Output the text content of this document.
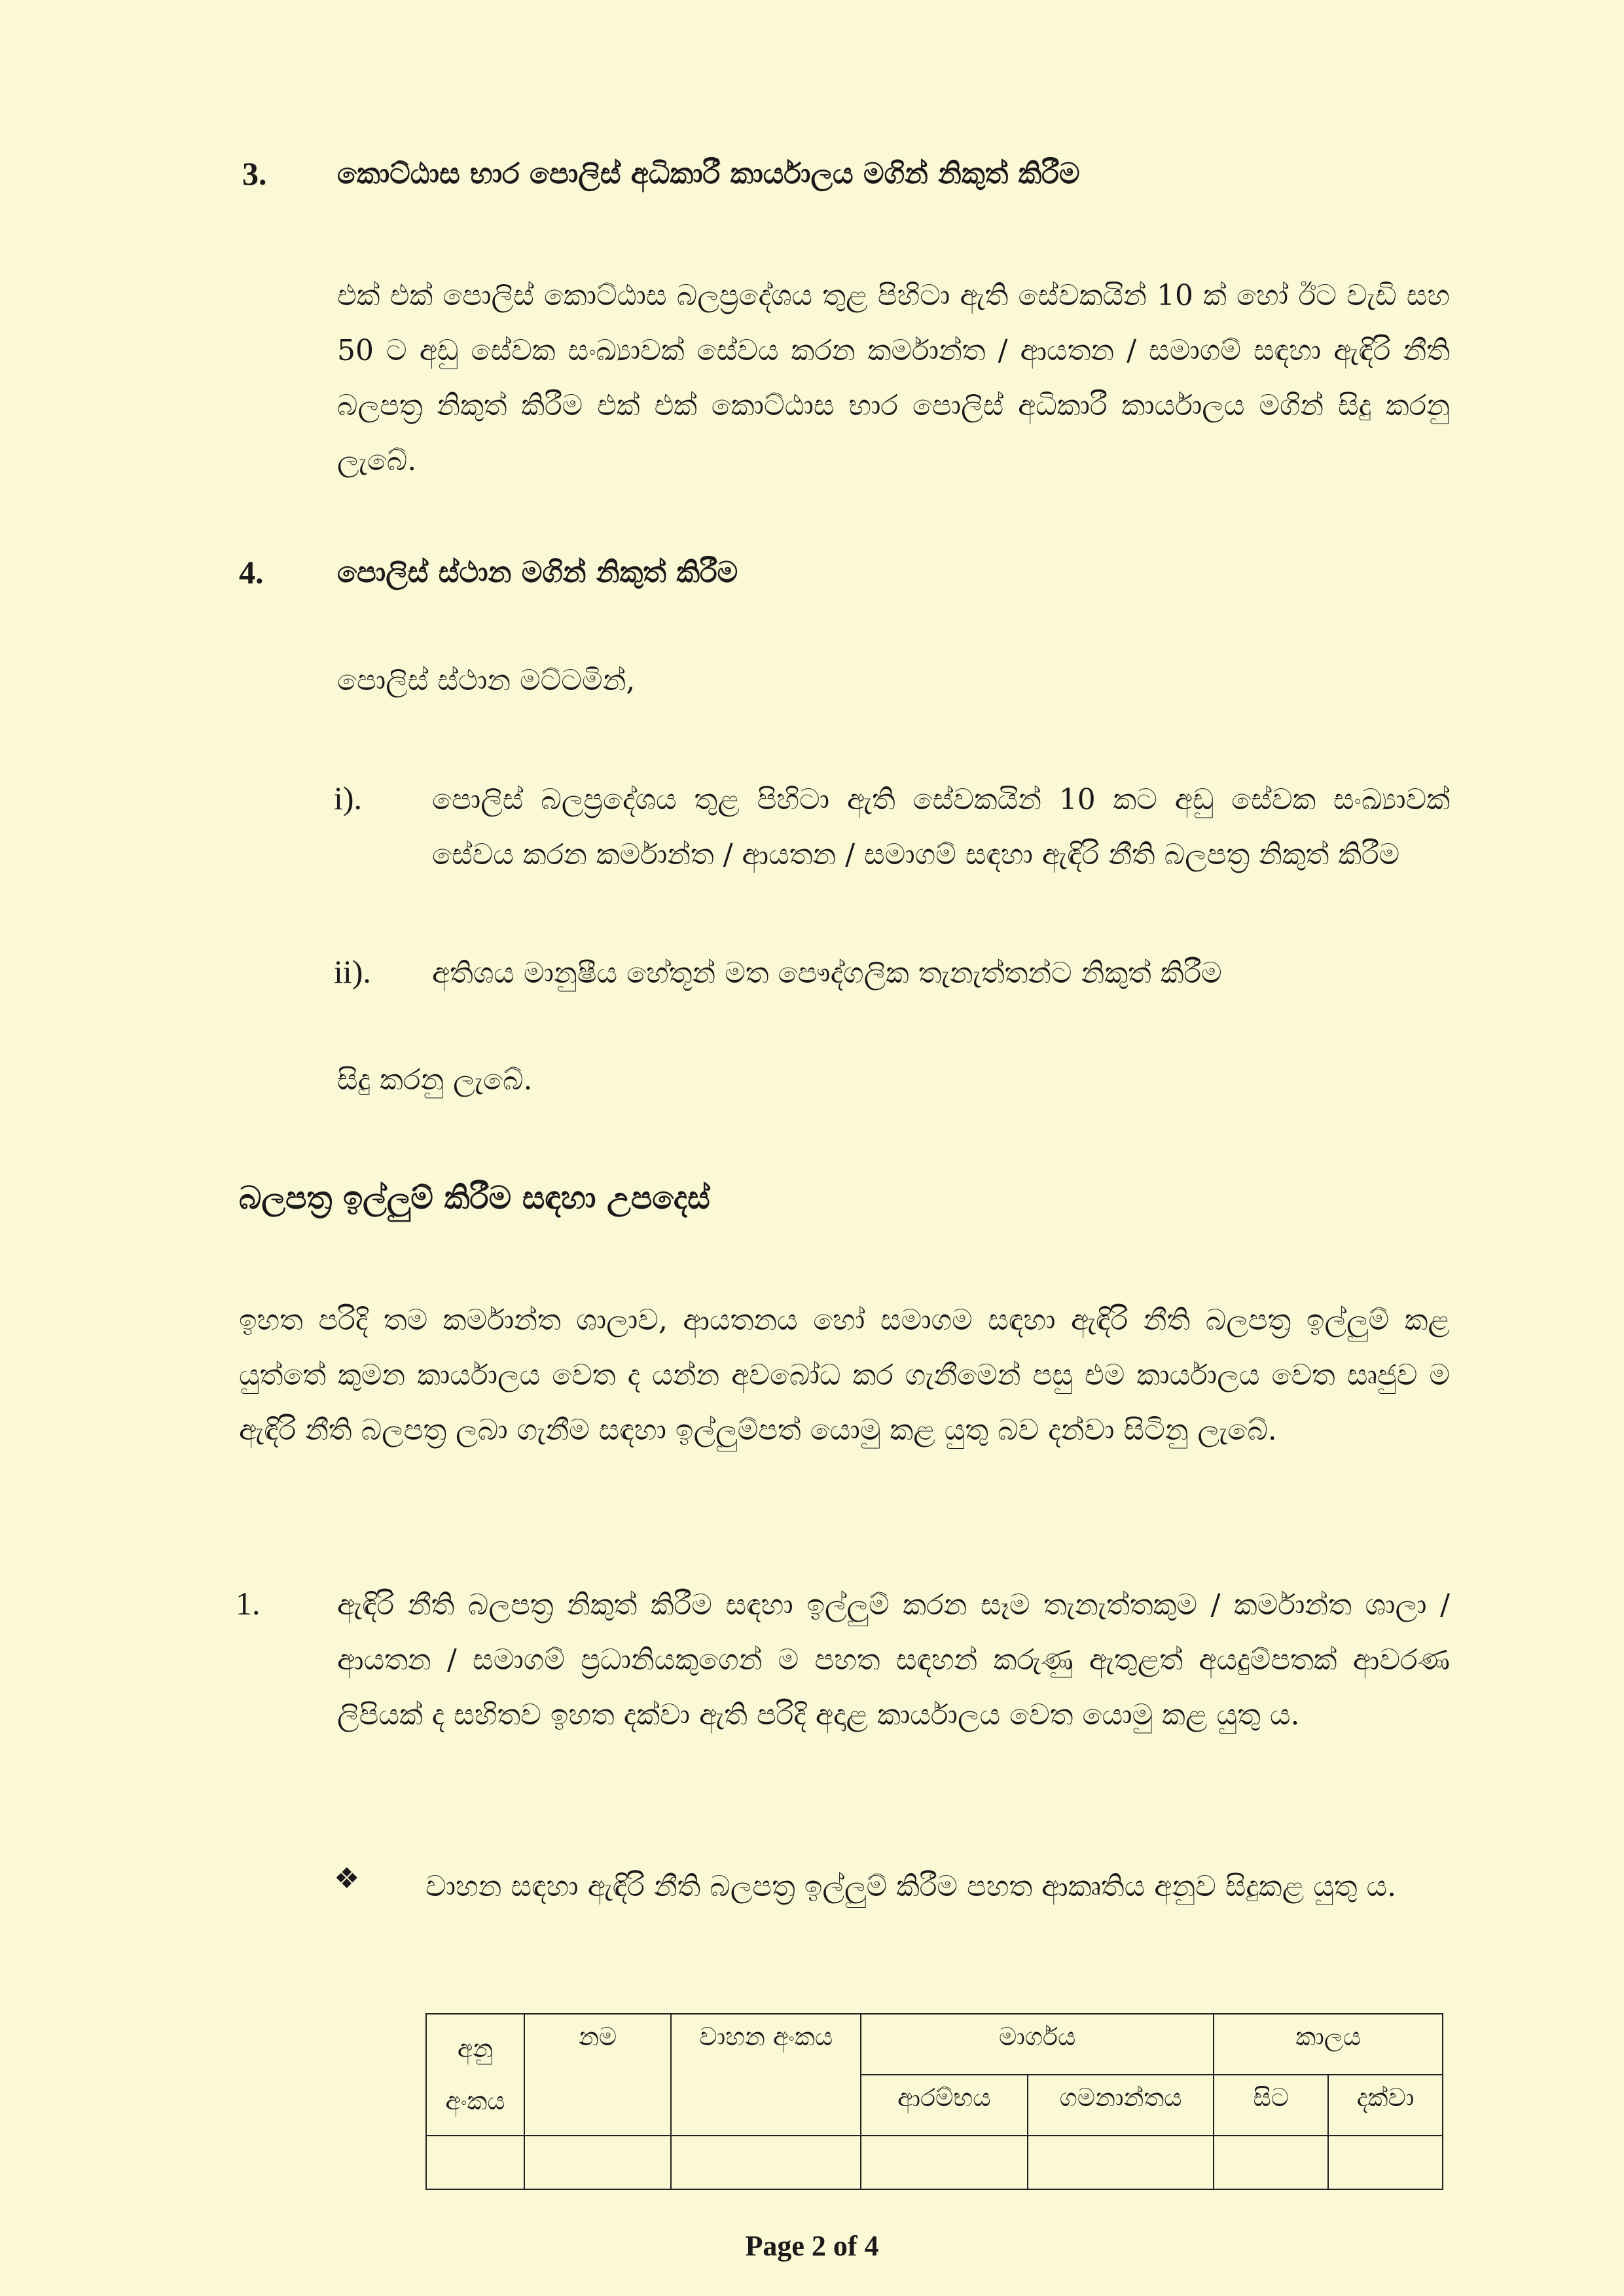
3. කොට්ඨාස භාර පොලිස් අධිකාරී කාර්යාලය මගින් නිකුත් කිරීම
එක් එක් පොලිස් කොට්ඨාස බලප්‍රදේශය තුළ පිහිටා ඇති සේවකයින් 10 ක් හෝ ඊට වැඩි සහ 50 ට අඩු සේවක සංඛ්‍යාවක් සේවය කරන කර්මාන්ත / ආයතන / සමාගම් සඳහා ඇඳිරි නීති බලපත්‍ර නිකුත් කිරීම එක් එක් කොට්ඨාස භාර පොලිස් අධිකාරී කාර්යාලය මගින් සිදු කරනු ලැබේ.
4.	පොලිස් ස්ථාන මගින් නිකුත් කිරීම
පොලිස් ස්ථාන මට්ටමින්,
i). පොලිස් බලප්‍රදේශය තුළ පිහිටා ඇති සේවකයින් 10 කට අඩු සේවක සංඛ්‍යාවක් සේවය කරන කර්මාන්ත / ආයතන / සමාගම් සඳහා ඇඳිරි නීති බලපත්‍ර නිකුත් කිරීම
ii). අතිශය මානුෂීය හේතූන් මත පෞද්ගලික තැනැත්තන්ට නිකුත් කිරීම
සිදු කරනු ලැබේ.
බලපත්‍ර ඉල්ලුම් කිරීම සඳහා උපදෙස්
ඉහත පරිදි තම කර්මාන්ත ශාලාව, ආයතනය හෝ සමාගම සඳහා ඇඳිරි නීති බලපත්‍ර ඉල්ලුම් කළ යුත්තේ කුමන කාර්යාලය වෙත ද යන්න අවබෝධ කර ගැනීමෙන් පසු එම කාර්යාලය වෙත සෘජුව ම ඇඳිරි නීති බලපත්‍ර ලබා ගැනීම සඳහා ඉල්ලුම්පත් යොමු කළ යුතු බව දන්වා සිටිනු ලැබේ.
1.	ඇඳිරි නීති බලපත්‍ර නිකුත් කිරීම සඳහා ඉල්ලුම් කරන සෑම තැනැත්තකුම / කර්මාන්ත ශාලා / ආයතන / සමාගම් ප්‍රධානියකුගෙන් ම පහත සඳහන් කරුණු ඇතුළත් අයදුම්පතක් ආවරණ ලිපියක් ද සහිතව ඉහත දක්වා ඇති පරිදි අදාළ කාර්යාලය වෙත යොමු කළ යුතු ය.
❖ වාහන සඳහා ඇඳිරි නීති බලපත්‍ර ඉල්ලුම් කිරීම පහත ආකෘතිය අනුව සිදුකළ යුතු ය.
අනු අංකය	නම	වාහන අංකය	මාර්ගය		කාලය	
			ආරම්භය	ගමනාන්තය	සිට	දක්වා

Page 2 of 4
